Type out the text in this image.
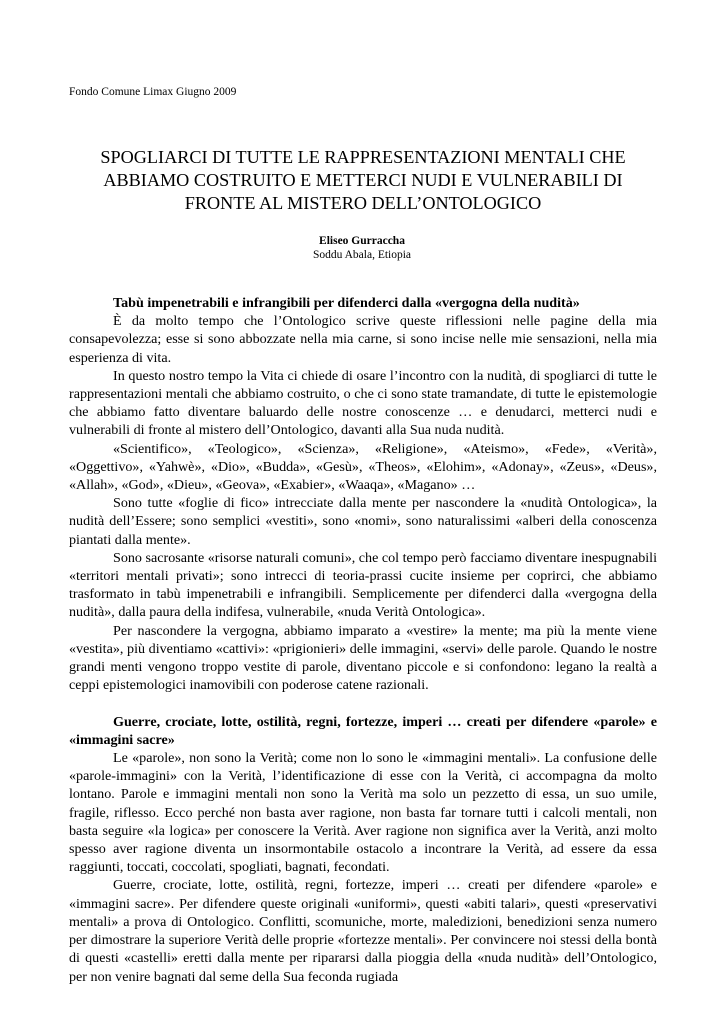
Fondo Comune Limax Giugno 2009
SPOGLIARCI DI TUTTE LE RAPPRESENTAZIONI MENTALI CHE ABBIAMO COSTRUITO E METTERCI NUDI E VULNERABILI DI FRONTE AL MISTERO DELL’ONTOLOGICO
Eliseo Gurraccha
Soddu Abala, Etiopia
Tabù impenetrabili e infrangibili per difenderci dalla «vergogna della nudità»

È da molto tempo che l’Ontologico scrive queste riflessioni nelle pagine della mia consapevolezza; esse si sono abbozzate nella mia carne, si sono incise nelle mie sensazioni, nella mia esperienza di vita.

In questo nostro tempo la Vita ci chiede di osare l’incontro con la nudità, di spogliarci di tutte le rappresentazioni mentali che abbiamo costruito, o che ci sono state tramandate, di tutte le epistemologie che abbiamo fatto diventare baluardo delle nostre conoscenze … e denudarci, metterci nudi e vulnerabili di fronte al mistero dell’Ontologico, davanti alla Sua nuda nudità.

«Scientifico», «Teologico», «Scienza», «Religione», «Ateismo», «Fede», «Verità», «Oggettivo», «Yahwè», «Dio», «Budda», «Gesù», «Theos», «Elohim», «Adonay», «Zeus», «Deus», «Allah», «God», «Dieu», «Geova», «Exabier», «Waaqa», «Magano» …

Sono tutte «foglie di fico» intrecciate dalla mente per nascondere la «nudità Ontologica», la nudità dell’Essere; sono semplici «vestiti», sono «nomi», sono naturalissimi «alberi della conoscenza piantati dalla mente».

Sono sacrosante «risorse naturali comuni», che col tempo però facciamo diventare inespugnabili «territori mentali privati»; sono intrecci di teoria-prassi cucite insieme per coprirci, che abbiamo trasformato in tabù impenetrabili e infrangibili. Semplicemente per difenderci dalla «vergogna della nudità», dalla paura della indifesa, vulnerabile, «nuda Verità Ontologica».

Per nascondere la vergogna, abbiamo imparato a «vestire» la mente; ma più la mente viene «vestita», più diventiamo «cattivi»: «prigionieri» delle immagini, «servi» delle parole. Quando le nostre grandi menti vengono troppo vestite di parole, diventano piccole e si confondono: legano la realtà a ceppi epistemologici inamovibili con poderose catene razionali.

Guerre, crociate, lotte, ostilità, regni, fortezze, imperi … creati per difendere «parole» e «immagini sacre»

Le «parole», non sono la Verità; come non lo sono le «immagini mentali». La confusione delle «parole-immagini» con la Verità, l’identificazione di esse con la Verità, ci accompagna da molto lontano. Parole e immagini mentali non sono la Verità ma solo un pezzetto di essa, un suo umile, fragile, riflesso. Ecco perché non basta aver ragione, non basta far tornare tutti i calcoli mentali, non basta seguire «la logica» per conoscere la Verità. Aver ragione non significa aver la Verità, anzi molto spesso aver ragione diventa un insormontabile ostacolo a incontrare la Verità, ad essere da essa raggiunti, toccati, coccolati, spogliati, bagnati, fecondati.

Guerre, crociate, lotte, ostilità, regni, fortezze, imperi … creati per difendere «parole» e «immagini sacre». Per difendere queste originali «uniformi», questi «abiti talari», questi «preservativi mentali» a prova di Ontologico. Conflitti, scomuniche, morte, maledizioni, benedizioni senza numero per dimostrare la superiore Verità delle proprie «fortezze mentali». Per convincere noi stessi della bontà di questi «castelli» eretti dalla mente per ripararsi dalla pioggia della «nuda nudità» dell’Ontologico, per non venire bagnati dal seme della Sua feconda rugiada
